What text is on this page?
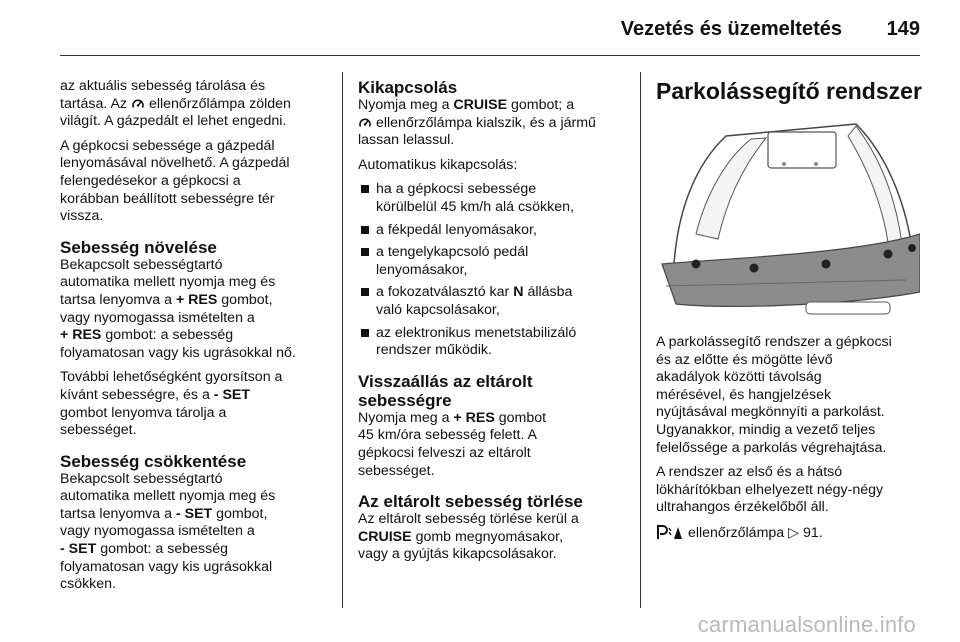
Vezetés és üzemeltetés 149

az aktuális sebesség tárolása és
tartása. Az ellenőrzőlámpa zölden
világít. A gázpedált el lehet engedni.

A gépkocsi sebessége a gázpedál
lenyomásával növelhető. A gázpedál
felengedésekor a gépkocsi a
korábban beállított sebességre tér
vissza.

Sebesség növelése

Bekapcsolt sebességtartó
automatika mellett nyomja meg és
tartsa lenyomva a + RES gombot,
vagy nyomogassa ismételten a
+ RES gombot: a sebesség
folyamatosan vagy kis ugrásokkal nő.

További lehetőségként gyorsítson a
kívánt sebességre, és a - SET
gombot lenyomva tárolja a
sebességet.

Sebesség csökkentése

Bekapcsolt sebességtartó
automatika mellett nyomja meg és
tartsa lenyomva a - SET gombot,
vagy nyomogassa ismételten a
- SET gombot: a sebesség
folyamatosan vagy kis ugrásokkal
csökken.

Kikapcsolás

Nyomja meg a CRUISE gombot; a
ellenőrzőlámpa kialszik, és a jármű
lassan lelassul.

Automatikus kikapcsolás:

ha a gépkocsi sebessége
körülbelül 45 km/h alá csökken,
a fékpedál lenyomásakor,
a tengelykapcsoló pedál
lenyomásakor,
a fokozatválasztó kar N állásba
való kapcsolásakor,
az elektronikus menetstabilizáló
rendszer működik.
Visszaállás az eltárolt
sebességre

Nyomja meg a + RES gombot
45 km/óra sebesség felett. A
gépkocsi felveszi az eltárolt
sebességet.

Az eltárolt sebesség törlése

Az eltárolt sebesség törlése kerül a
CRUISE gomb megnyomásakor,
vagy a gyújtás kikapcsolásakor.

Parkolássegítő rendszer

A parkolássegítő rendszer a gépkocsi
és az előtte és mögötte lévő
akadályok közötti távolság
mérésével, és hangjelzések
nyújtásával megkönnyíti a parkolást.
Ugyanakkor, mindig a vezető teljes
felelőssége a parkolás végrehajtása.

A rendszer az első és a hátsó
lökhárítókban elhelyezett négy-négy
ultrahangos érzékelőből áll.

ellenőrzőlámpa ▷ 91.

carmanualsonline.info
